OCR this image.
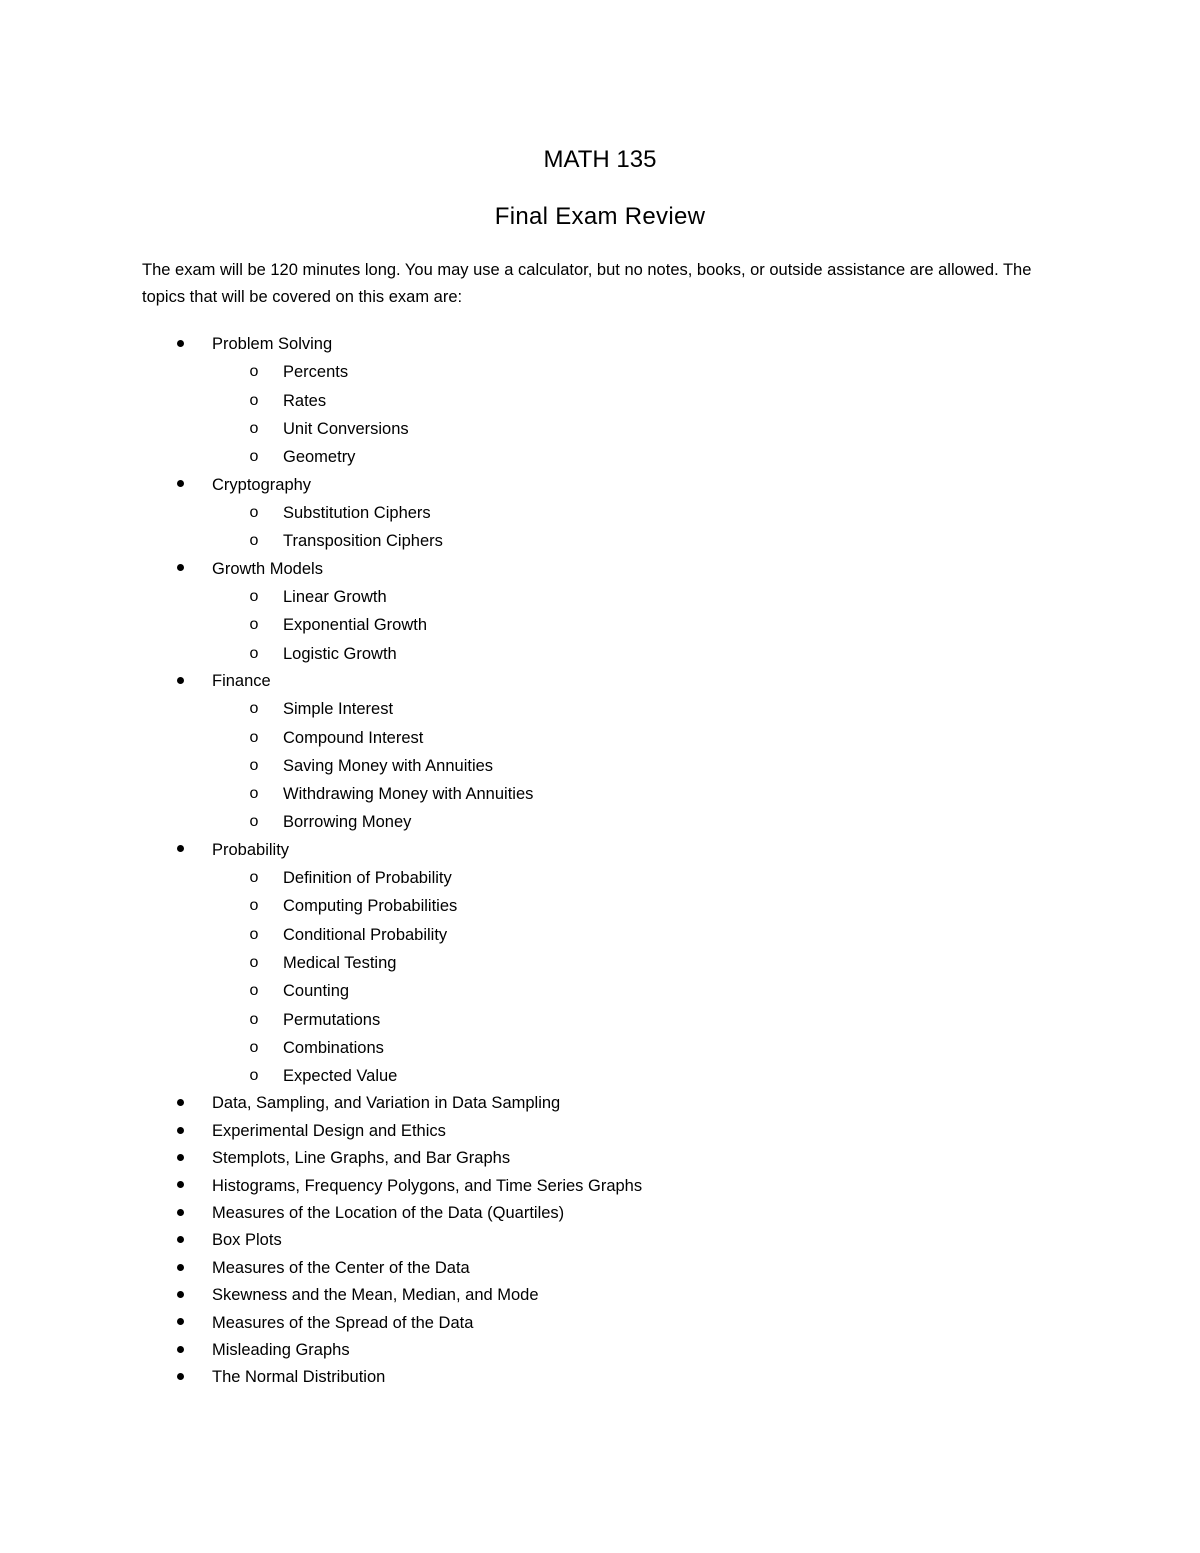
MATH 135
Final Exam Review

The exam will be 120 minutes long. You may use a calculator, but no notes, books, or outside assistance are allowed. The topics that will be covered on this exam are:

Problem Solving
o Percents
o Rates
o Unit Conversions
o Geometry
Cryptography
o Substitution Ciphers
o Transposition Ciphers
Growth Models
o Linear Growth
o Exponential Growth
o Logistic Growth
Finance
o Simple Interest
o Compound Interest
o Saving Money with Annuities
o Withdrawing Money with Annuities
o Borrowing Money
Probability
o Definition of Probability
o Computing Probabilities
o Conditional Probability
o Medical Testing
o Counting
o Permutations
o Combinations
o Expected Value
Data, Sampling, and Variation in Data Sampling
Experimental Design and Ethics
Stemplots, Line Graphs, and Bar Graphs
Histograms, Frequency Polygons, and Time Series Graphs
Measures of the Location of the Data (Quartiles)
Box Plots
Measures of the Center of the Data
Skewness and the Mean, Median, and Mode
Measures of the Spread of the Data
Misleading Graphs
The Normal Distribution
